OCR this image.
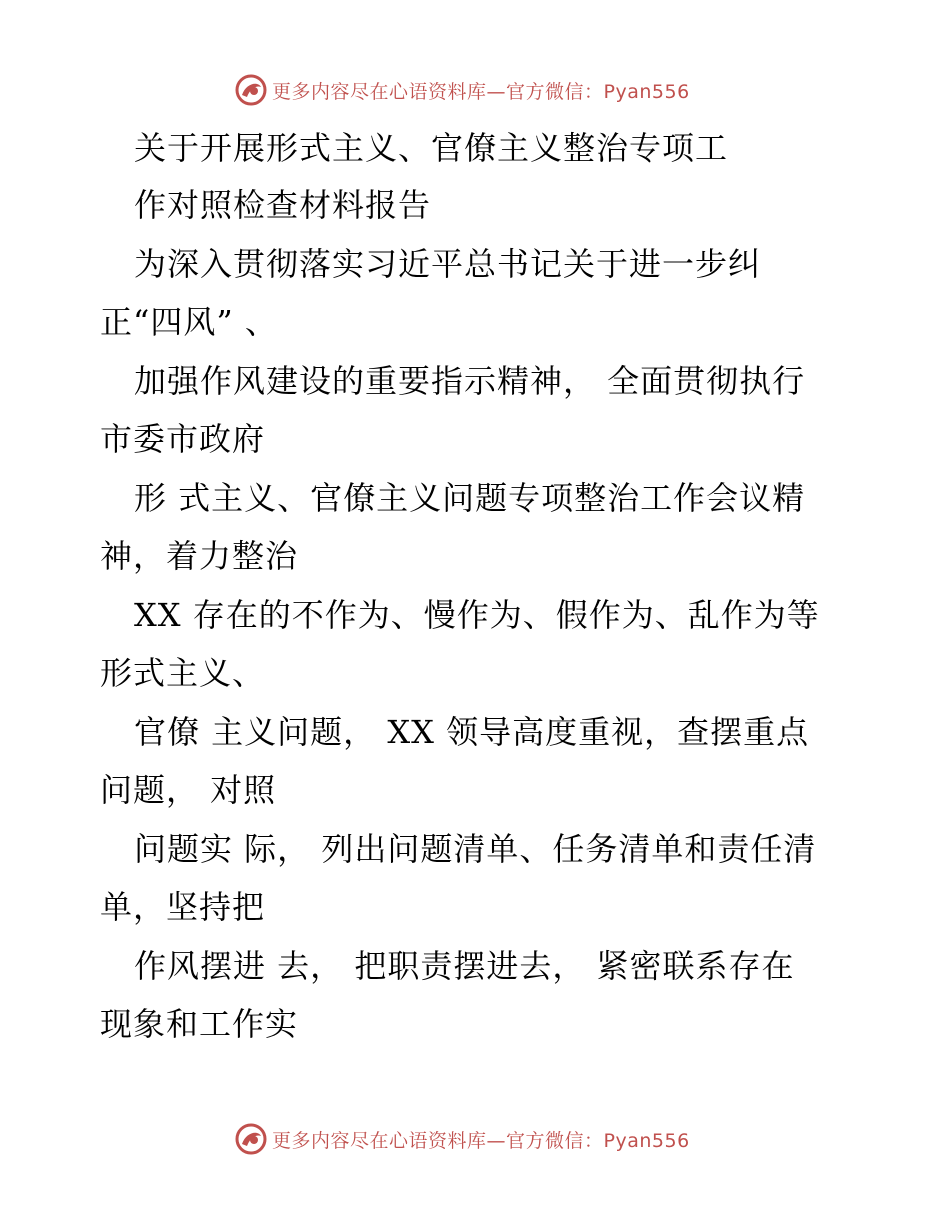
更多内容尽在心语资料库—官方微信：Pyan556
关于开展形式主义、官僚主义整治专项工
作对照检查材料报告
为深入贯彻落实习近平总书记关于进一步纠
正“四风” 、
加强作风建设的重要指示精神， 全面贯彻执行
市委市政府
形 式主义、官僚主义问题专项整治工作会议精
神，着力整治
XX 存在的不作为、慢作为、假作为、乱作为等
形式主义、
官僚 主义问题， XX 领导高度重视，查摆重点
问题， 对照
问题实 际， 列出问题清单、任务清单和责任清
单，坚持把
作风摆进 去， 把职责摆进去， 紧密联系存在
现象和工作实
更多内容尽在心语资料库—官方微信：Pyan556
